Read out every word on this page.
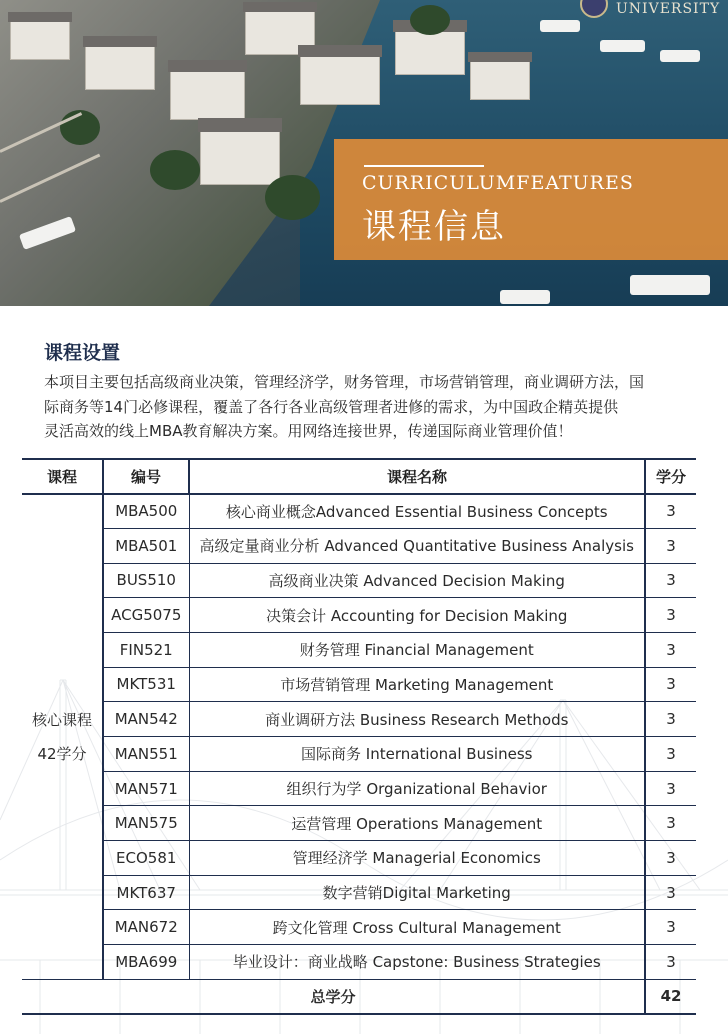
UNIVERSITY
CURRICULUMFEATURES
课程信息
课程设置

本项目主要包括高级商业决策，管理经济学，财务管理，市场营销管理，商业调研方法，国

际商务等14门必修课程，覆盖了各行各业高级管理者进修的需求，为中国政企精英提供

灵活高效的线上MBA教育解决方案。用网络连接世界，传递国际商业管理价值！

课程	编号	课程名称	学分

核心课程
42学分	MBA500	核心商业概念Advanced Essential Business Concepts	3
	MBA501	高级定量商业分析 Advanced Quantitative Business Analysis	3
	BUS510	高级商业决策 Advanced Decision Making	3
	ACG5075	决策会计 Accounting for Decision Making	3
	FIN521	财务管理 Financial Management	3
	MKT531	市场营销管理 Marketing Management	3
	MAN542	商业调研方法 Business Research Methods	3
	MAN551	国际商务 International Business	3
	MAN571	组织行为学 Organizational Behavior	3
	MAN575	运营管理 Operations Management	3
	ECO581	管理经济学 Managerial Economics	3
	MKT637	数字营销Digital Marketing	3
	MAN672	跨文化管理 Cross Cultural Management	3
	MBA699	毕业设计：商业战略 Capstone: Business Strategies	3
总学分			42
